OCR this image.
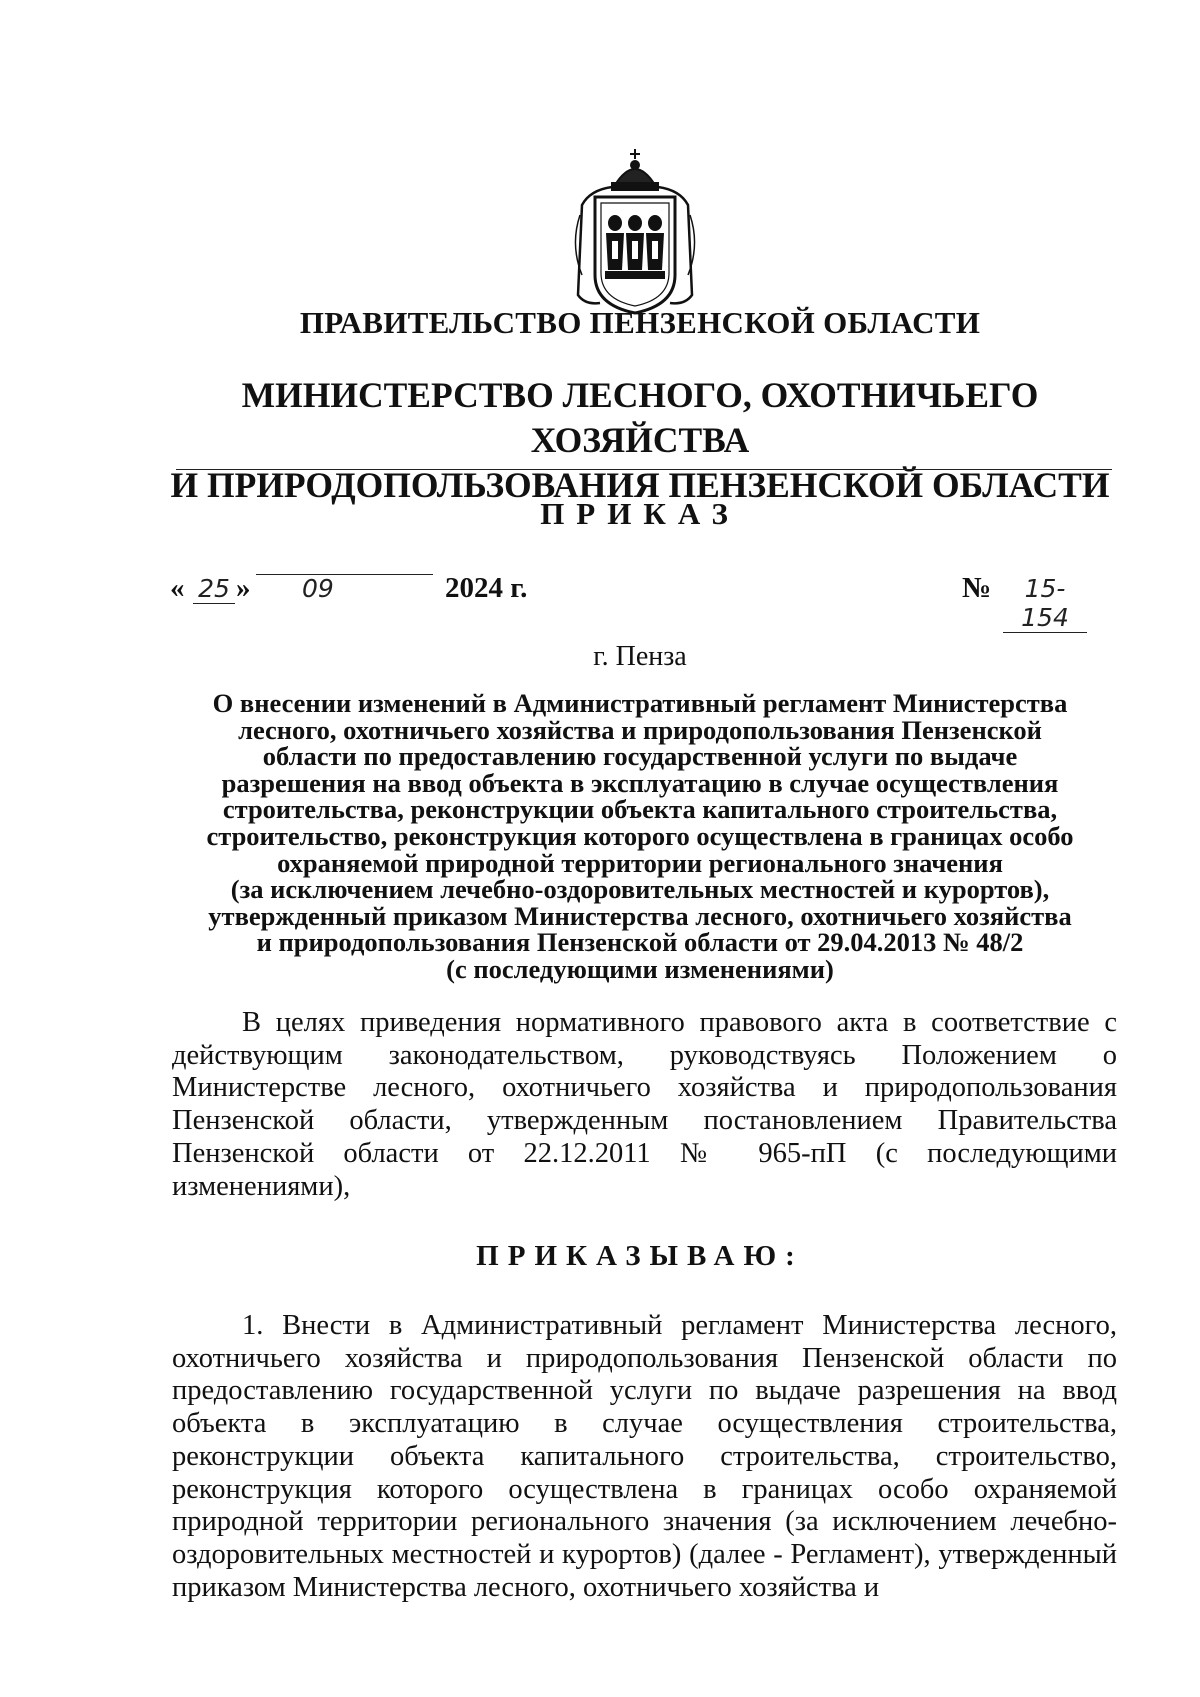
ПРАВИТЕЛЬСТВО ПЕНЗЕНСКОЙ ОБЛАСТИ
МИНИСТЕРСТВО ЛЕСНОГО, ОХОТНИЧЬЕГО ХОЗЯЙСТВА
И ПРИРОДОПОЛЬЗОВАНИЯ ПЕНЗЕНСКОЙ ОБЛАСТИ
ПРИКАЗ
« 25 » 09	2024 г.	№	15-154
г. Пенза
О внесении изменений в Административный регламент Министерства
лесного, охотничьего хозяйства и природопользования Пензенской
области по предоставлению государственной услуги по выдаче
разрешения на ввод объекта в эксплуатацию в случае осуществления
строительства, реконструкции объекта капитального строительства,
строительство, реконструкция которого осуществлена в границах особо
охраняемой природной территории регионального значения
(за исключением лечебно-оздоровительных местностей и курортов),
утвержденный приказом Министерства лесного, охотничьего хозяйства
и природопользования Пензенской области от 29.04.2013 № 48/2
(с последующими изменениями)
В целях приведения нормативного правового акта в соответствие с действующим законодательством, руководствуясь Положением о Министерстве лесного, охотничьего хозяйства и природопользования Пензенской области, утвержденным постановлением Правительства Пензенской области от 22.12.2011 № 965-пП (с последующими изменениями),
ПРИКАЗЫВАЮ:
1. Внести в Административный регламент Министерства лесного, охотничьего хозяйства и природопользования Пензенской области по предоставлению государственной услуги по выдаче разрешения на ввод объекта в эксплуатацию в случае осуществления строительства, реконструкции объекта капитального строительства, строительство, реконструкция которого осуществлена в границах особо охраняемой природной территории регионального значения (за исключением лечебно-оздоровительных местностей и курортов) (далее - Регламент), утвержденный приказом Министерства лесного, охотничьего хозяйства и
